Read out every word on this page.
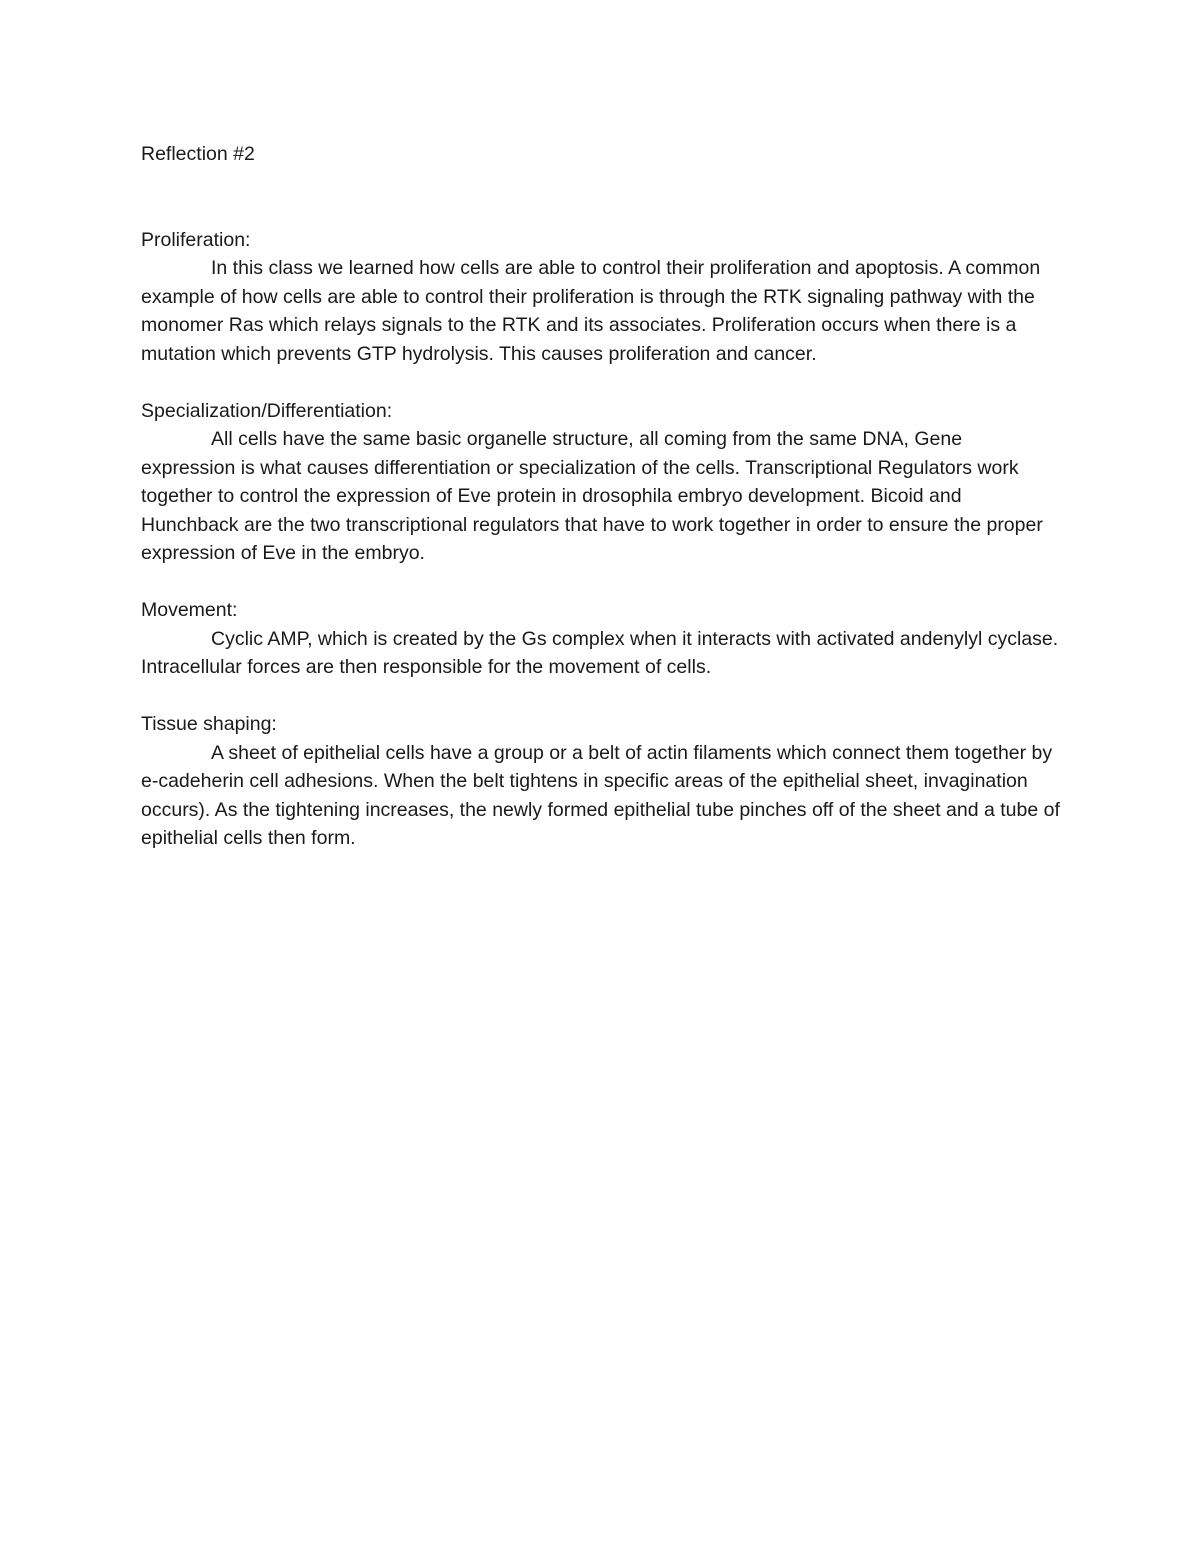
Reflection #2
Proliferation:

In this class we learned how cells are able to control their proliferation and apoptosis. A common example of how cells are able to control their proliferation is through the RTK signaling pathway with the monomer Ras which relays signals to the RTK and its associates. Proliferation occurs when there is a mutation which prevents GTP hydrolysis. This causes proliferation and cancer.

Specialization/Differentiation:

All cells have the same basic organelle structure, all coming from the same DNA, Gene expression is what causes differentiation or specialization of the cells. Transcriptional Regulators work together to control the expression of Eve protein in drosophila embryo development. Bicoid and Hunchback are the two transcriptional regulators that have to work together in order to ensure the proper expression of Eve in the embryo.

Movement:

Cyclic AMP, which is created by the Gs complex when it interacts with activated andenylyl cyclase. Intracellular forces are then responsible for the movement of cells.

Tissue shaping:

A sheet of epithelial cells have a group or a belt of actin filaments which connect them together by e-cadeherin cell adhesions. When the belt tightens in specific areas of the epithelial sheet, invagination occurs). As the tightening increases, the newly formed epithelial tube pinches off of the sheet and a tube of epithelial cells then form.
